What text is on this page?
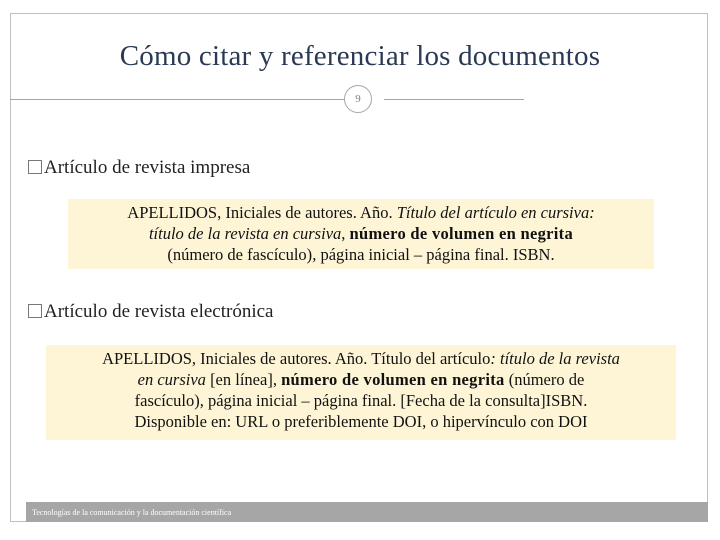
Cómo citar y referenciar los documentos
9
Artículo de revista impresa
APELLIDOS, Iniciales de autores. Año. Título del artículo en cursiva:
título de la revista en cursiva, número de volumen en negrita
(número de fascículo), página inicial – página final. ISBN.
Artículo de revista electrónica
APELLIDOS, Iniciales de autores. Año. Título del artículo: título de la revista
en cursiva [en línea], número de volumen en negrita (número de
fascículo), página inicial – página final. [Fecha de la consulta]ISBN.
Disponible en: URL o preferiblemente DOI, o hipervínculo con DOI
Tecnologías de la comunicación y la documentación científica
